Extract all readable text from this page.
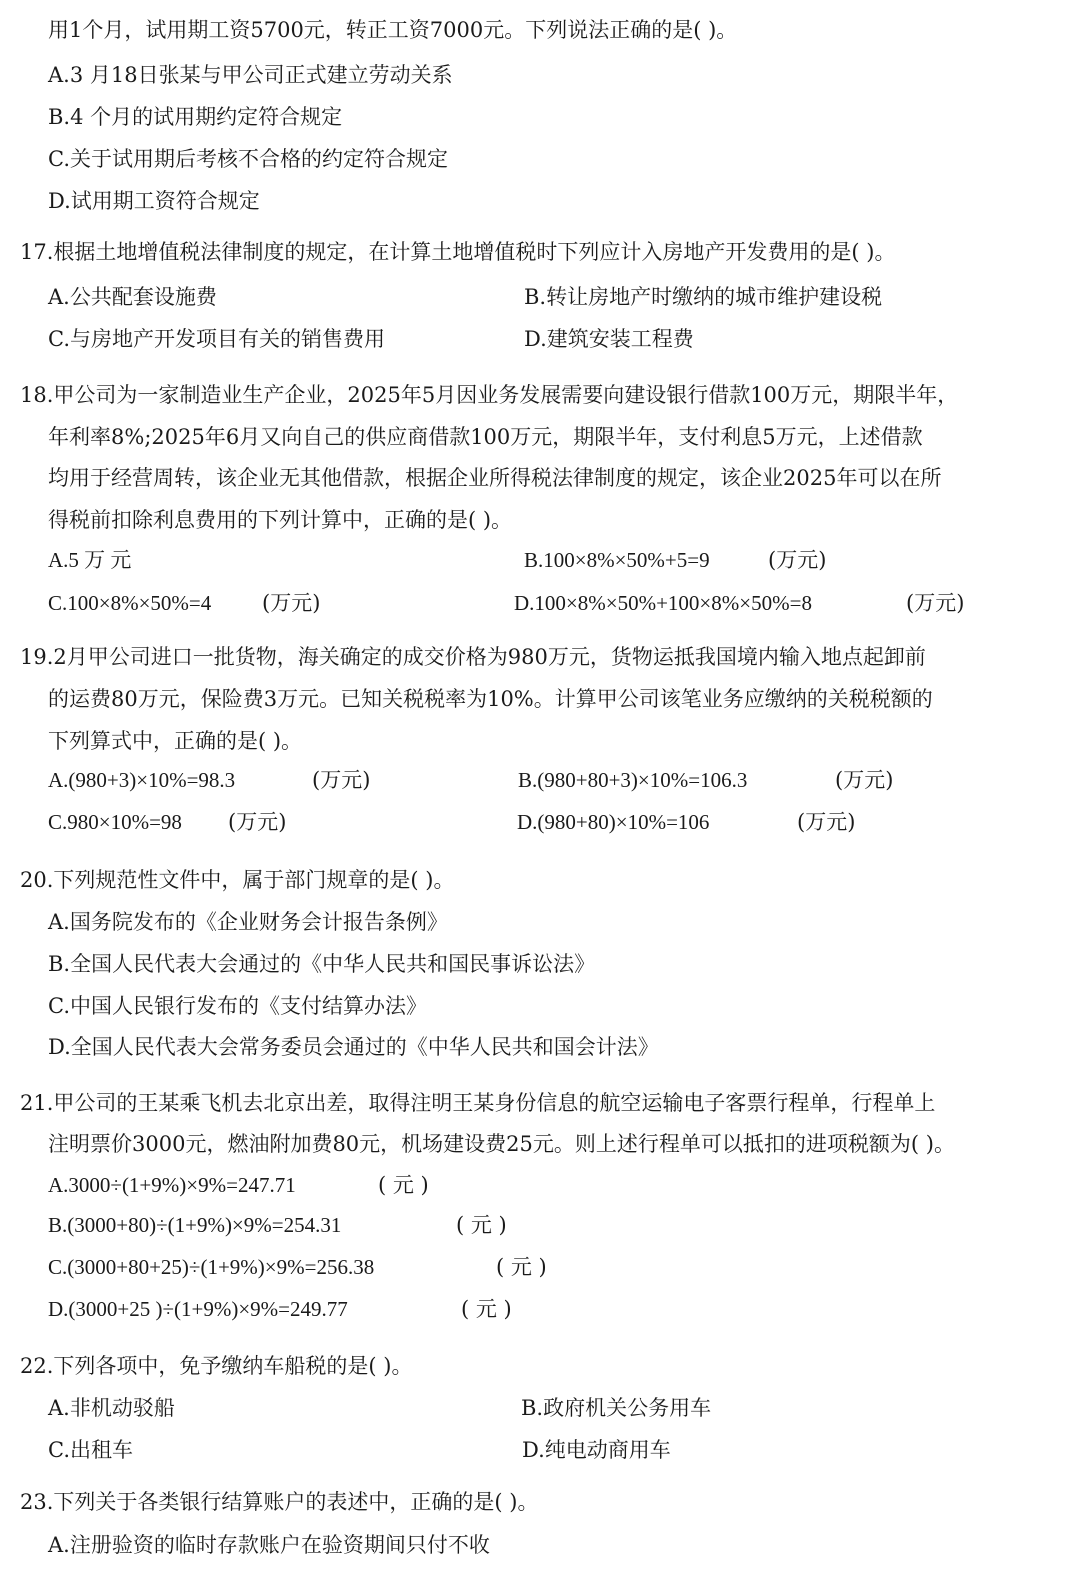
用1个月，试用期工资5700元，转正工资7000元。下列说法正确的是( )。
A.3 月18日张某与甲公司正式建立劳动关系
B.4 个月的试用期约定符合规定
C.关于试用期后考核不合格的约定符合规定
D.试用期工资符合规定
17.根据土地增值税法律制度的规定，在计算土地增值税时下列应计入房地产开发费用的是( )。
A.公共配套设施费	B.转让房地产时缴纳的城市维护建设税
C.与房地产开发项目有关的销售费用	D.建筑安装工程费
18.甲公司为一家制造业生产企业，2025年5月因业务发展需要向建设银行借款100万元，期限半年，
年利率8%;2025年6月又向自己的供应商借款100万元，期限半年，支付利息5万元，上述借款
均用于经营周转，该企业无其他借款，根据企业所得税法律制度的规定，该企业2025年可以在所
得税前扣除利息费用的下列计算中，正确的是( )。
A.5 万 元	B.100×8%×50%+5=9	(万元)
C.100×8%×50%=4 (万元)	D.100×8%×50%+100×8%×50%=8	(万元)
19.2月甲公司进口一批货物，海关确定的成交价格为980万元，货物运抵我国境内输入地点起卸前
的运费80万元，保险费3万元。已知关税税率为10%。计算甲公司该笔业务应缴纳的关税税额的
下列算式中，正确的是( )。
A.(980+3)×10%=98.3	(万元)	B.(980+80+3)×10%=106.3	(万元)
C.980×10%=98 (万元)	D.(980+80)×10%=106	(万元)
20.下列规范性文件中，属于部门规章的是( )。
A.国务院发布的《企业财务会计报告条例》
B.全国人民代表大会通过的《中华人民共和国民事诉讼法》
C.中国人民银行发布的《支付结算办法》
D.全国人民代表大会常务委员会通过的《中华人民共和国会计法》
21.甲公司的王某乘飞机去北京出差，取得注明王某身份信息的航空运输电子客票行程单，行程单上
注明票价3000元，燃油附加费80元，机场建设费25元。则上述行程单可以抵扣的进项税额为( )。
A.3000÷(1+9%)×9%=247.71	( 元 )
B.(3000+80)÷(1+9%)×9%=254.31	( 元 )
C.(3000+80+25)÷(1+9%)×9%=256.38	( 元 )
D.(3000+25 )÷(1+9%)×9%=249.77	( 元 )
22.下列各项中，免予缴纳车船税的是( )。
A.非机动驳船	B.政府机关公务用车
C.出租车	D.纯电动商用车
23.下列关于各类银行结算账户的表述中，正确的是( )。
A.注册验资的临时存款账户在验资期间只付不收
